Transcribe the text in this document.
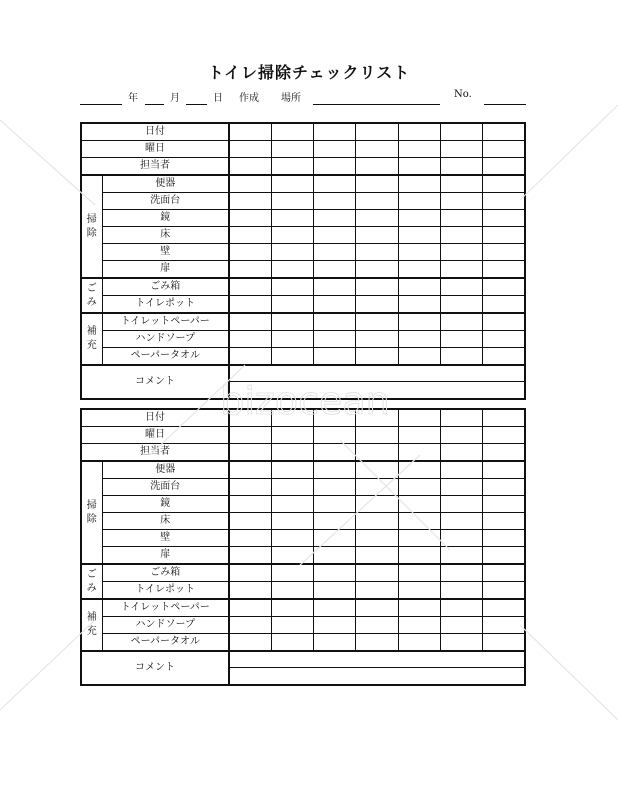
トイレ掃除チェックリスト
年	月	日 作成 場所	No.
日付								
曜日								
担当者								
掃除	便器							
	洗面台							
	鏡							
	床							
	壁							
	扉							
ごみ	ごみ箱							
	トイレポット							
補充	トイレットペーパー							
	ハンドソープ							
	ペーパータオル							
コメント								
日付								
曜日								
担当者								
掃除	便器							
	洗面台							
	鏡							
	床							
	壁							
	扉							
ごみ	ごみ箱							
	トイレポット							
補充	トイレットペーパー							
	ハンドソープ							
	ペーパータオル							
コメント								
bizocean
